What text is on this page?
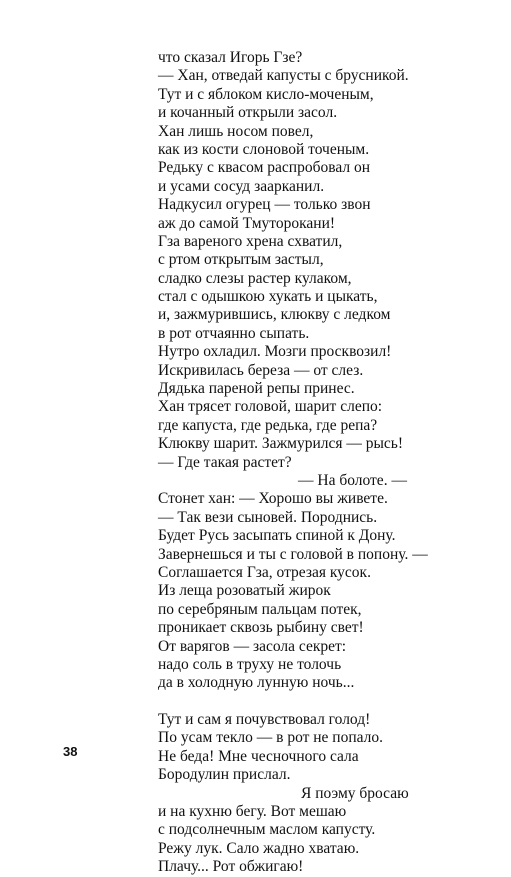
что сказал Игорь Гзе?
— Хан, отведай капусты с брусникой.
Тут и с яблоком кисло-моченым,
и кочанный открыли засол.
Хан лишь носом повел,
как из кости слоновой точеным.
Редьку с квасом распробовал он
и усами сосуд заарканил.
Надкусил огурец — только звон
аж до самой Тмуторокани!
Гза вареного хрена схватил,
с ртом открытым застыл,
сладко слезы растер кулаком,
стал с одышкою хукать и цыкать,
и, зажмурившись, клюкву с ледком
в рот отчаянно сыпать.
Нутро охладил. Мозги просквозил!
Искривилась береза — от слез.
Дядька пареной репы принес.
Хан трясет головой, шарит слепо:
где капуста, где редька, где репа?
Клюкву шарит. Зажмурился — рысь!
— Где такая растет?
— На болоте. —
Стонет хан: — Хорошо вы живете.
— Так вези сыновей. Породнись.
Будет Русь засыпать спиной к Дону.
Завернешься и ты с головой в попону. —
Соглашается Гза, отрезая кусок.
Из леща розоватый жирок
по серебряным пальцам потек,
проникает сквозь рыбину свет!
От варягов — засола секрет:
надо соль в труху не толочь
да в холодную лунную ночь...
Тут и сам я почувствовал голод!
По усам текло — в рот не попало.
Не беда! Мне чесночного сала
Бородулин прислал.
Я поэму бросаю
и на кухню бегу. Вот мешаю
с подсолнечным маслом капусту.
Режу лук. Сало жадно хватаю.
Плачу... Рот обжигаю!
38
